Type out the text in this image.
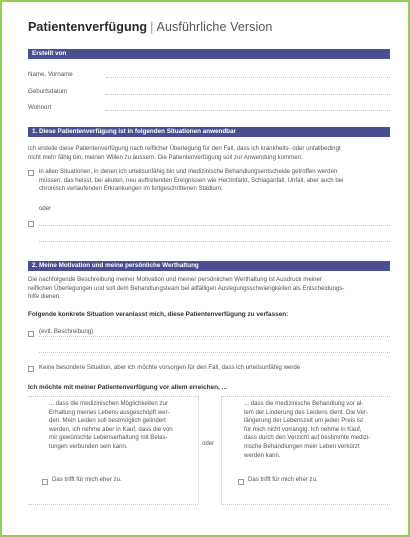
Patientenverfügung | Ausführliche Version
Erstellt von
Name, Vorname
Geburtsdatum
Wohnort
1. Diese Patientenverfügung ist in folgenden Situationen anwendbar
Ich erstelle diese Patientenverfügung nach reiflicher Überlegung für den Fall, dass ich krankheits- oder unfallbedingt
nicht mehr fähig bin, meinen Willen zu äussern. Die Patientenverfügung soll zur Anwendung kommen:
in allen Situationen, in denen ich urteilsunfähig bin und medizinische Behandlungsentscheide getroffen werden
müssen, das heisst, bei akuten, neu auftretenden Ereignissen wie Herzinfarkt, Schlaganfall, Unfall, aber auch bei
chronisch verlaufenden Erkrankungen im fortgeschrittenen Stadium;
oder
2. Meine Motivation und meine persönliche Werthaltung
Die nachfolgende Beschreibung meiner Motivation und meiner persönlichen Werthaltung ist Ausdruck meiner
reiflichen Überlegungen und soll dem Behandlungsteam bei allfälligen Auslegungsschwierigkeiten als Entscheidungs-
hilfe dienen.
Folgende konkrete Situation veranlasst mich, diese Patientenverfügung zu verfassen:
(evtl. Beschreibung)
Keine besondere Situation, aber ich möchte vorsorgen für den Fall, dass ich urteilsunfähig werde
Ich möchte mit meiner Patientenverfügung vor allem erreichen, ...
... dass die medizinischen Möglichkeiten zur
Erhaltung meines Lebens ausgeschöpft wer-
den. Mein Leiden soll bestmöglich gelindert
werden, ich nehme aber in Kauf, dass die von
mir gewünschte Lebenserhaltung mit Belas-
tungen verbunden sein kann.	oder
... dass die medizinische Behandlung vor al-
lem der Linderung des Leidens dient. Die Ver-
längerung der Lebenszeit um jeden Preis ist
für mich nicht vorrangig. Ich nehme in Kauf,
dass durch den Verzicht auf bestimmte medizi-
nische Behandlungen mein Leben verkürzt
werden kann.
Das trifft für mich eher zu.	Das trifft für mich eher zu.
